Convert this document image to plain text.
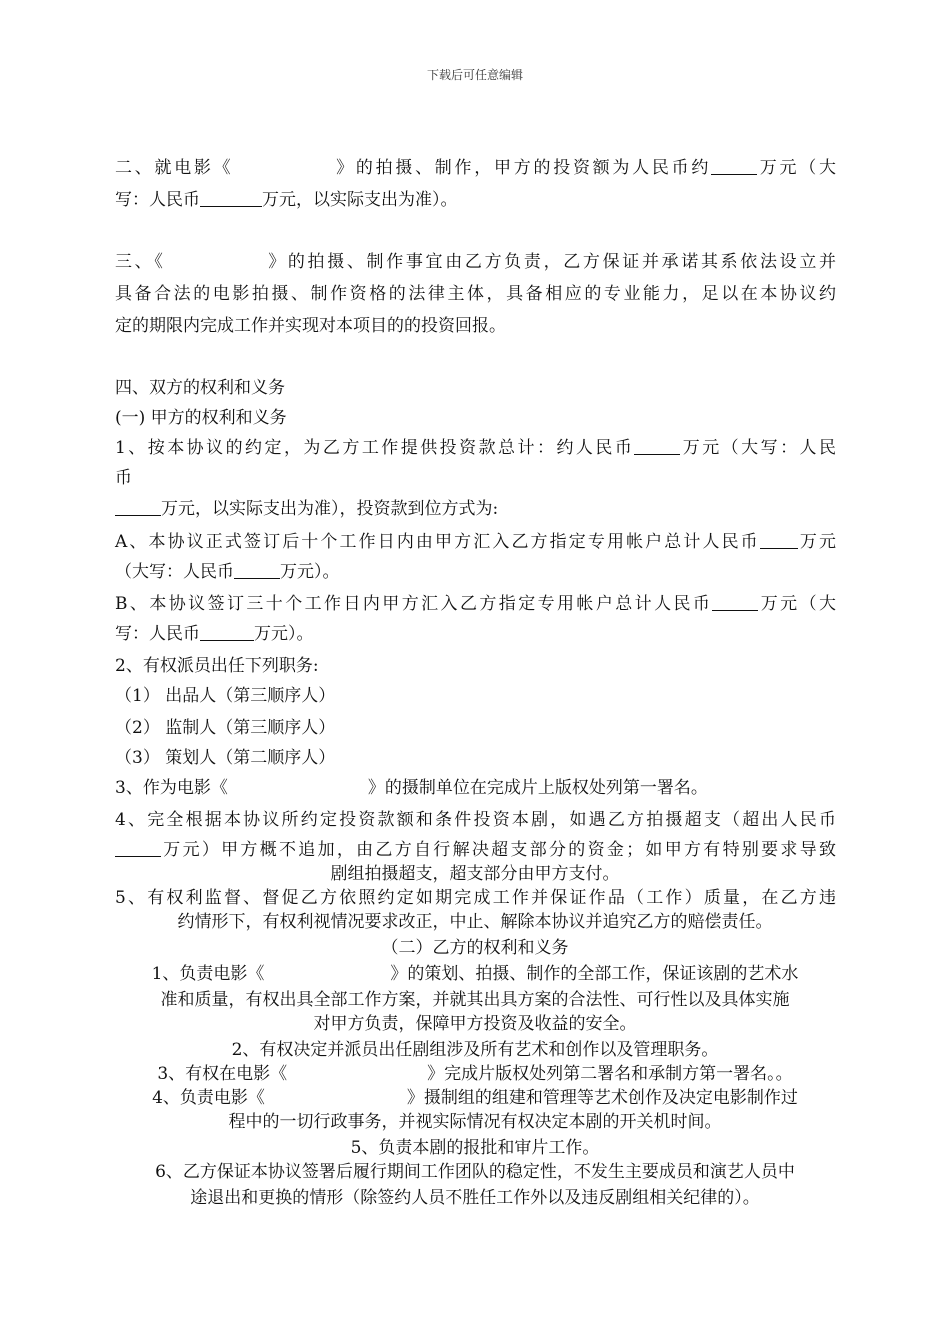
下载后可任意编辑
二、就电影《	》的拍摄、制作，甲方的投资额为人民币约	万元（大
写：人民币	万元，以实际支出为准）。
三、《	》的拍摄、制作事宜由乙方负责，乙方保证并承诺其系依法设立并
具备合法的电影拍摄、制作资格的法律主体，具备相应的专业能力，足以在本协议约
定的期限内完成工作并实现对本项目的的投资回报。
四、双方的权利和义务
(一) 甲方的权利和义务
1、按本协议的约定，为乙方工作提供投资款总计：约人民币	万元（大写：人民
币
万元，以实际支出为准），投资款到位方式为:
A、本协议正式签订后十个工作日内由甲方汇入乙方指定专用帐户总计人民币 万元
（大写：人民币	万元）。
B、本协议签订三十个工作日内甲方汇入乙方指定专用帐户总计人民币	万元（大
写：人民币	万元）。
2、有权派员出任下列职务:
（1） 出品人（第三顺序人）
（2） 监制人（第三顺序人）
（3） 策划人（第二顺序人）
3、作为电影《	》的摄制单位在完成片上版权处列第一署名。
4、完全根据本协议所约定投资款额和条件投资本剧，如遇乙方拍摄超支（超出人民币
万元）甲方概不追加，由乙方自行解决超支部分的资金；如甲方有特别要求导致
剧组拍摄超支，超支部分由甲方支付。
5、有权利监督、督促乙方依照约定如期完成工作并保证作品（工作）质量，在乙方违
约情形下，有权利视情况要求改正，中止、解除本协议并追究乙方的赔偿责任。
（二）乙方的权利和义务
1、负责电影《	》的策划、拍摄、制作的全部工作，保证该剧的艺术水
准和质量，有权出具全部工作方案，并就其出具方案的合法性、可行性以及具体实施
对甲方负责，保障甲方投资及收益的安全。
2、有权决定并派员出任剧组涉及所有艺术和创作以及管理职务。
3、有权在电影《	》完成片版权处列第二署名和承制方第一署名。。
4、负责电影《	》摄制组的组建和管理等艺术创作及决定电影制作过
程中的一切行政事务，并视实际情况有权决定本剧的开关机时间。
5、负责本剧的报批和审片工作。
6、乙方保证本协议签署后履行期间工作团队的稳定性，不发生主要成员和演艺人员中
途退出和更换的情形（除签约人员不胜任工作外以及违反剧组相关纪律的）。
